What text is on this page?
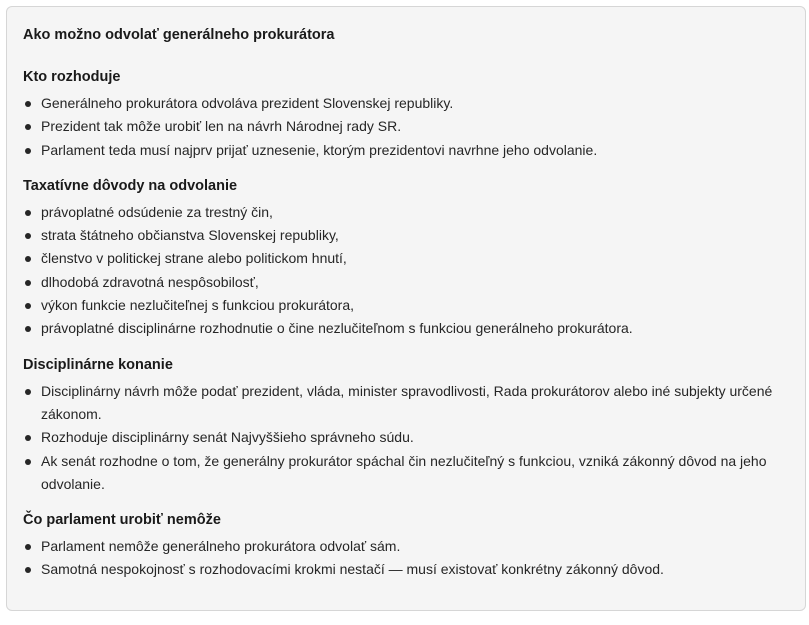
Ako možno odvolať generálneho prokurátora
Kto rozhoduje
Generálneho prokurátora odvoláva prezident Slovenskej republiky.
Prezident tak môže urobiť len na návrh Národnej rady SR.
Parlament teda musí najprv prijať uznesenie, ktorým prezidentovi navrhne jeho odvolanie.
Taxatívne dôvody na odvolanie
právoplatné odsúdenie za trestný čin,
strata štátneho občianstva Slovenskej republiky,
členstvo v politickej strane alebo politickom hnutí,
dlhodobá zdravotná nespôsobilosť,
výkon funkcie nezlučiteľnej s funkciou prokurátora,
právoplatné disciplinárne rozhodnutie o čine nezlučiteľnom s funkciou generálneho prokurátora.
Disciplinárne konanie
Disciplinárny návrh môže podať prezident, vláda, minister spravodlivosti, Rada prokurátorov alebo iné subjekty určené zákonom.
Rozhoduje disciplinárny senát Najvyššieho správneho súdu.
Ak senát rozhodne o tom, že generálny prokurátor spáchal čin nezlučiteľný s funkciou, vzniká zákonný dôvod na jeho odvolanie.
Čo parlament urobiť nemôže
Parlament nemôže generálneho prokurátora odvolať sám.
Samotná nespokojnosť s rozhodovacími krokmi nestačí — musí existovať konkrétny zákonný dôvod.
